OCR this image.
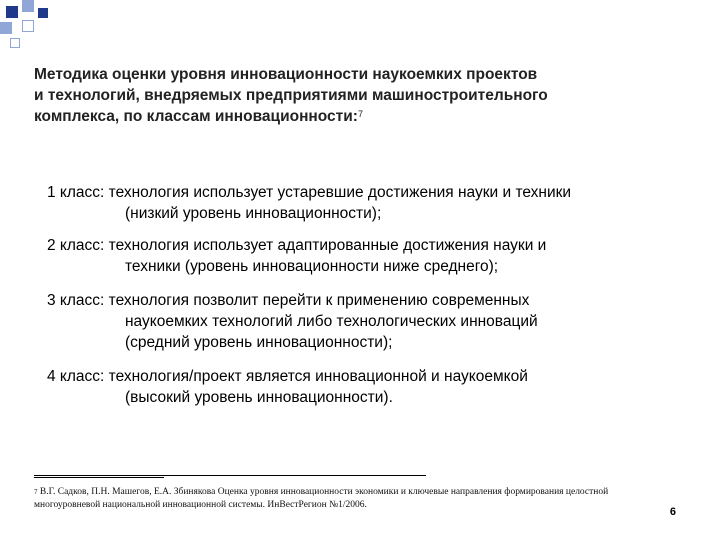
Методика оценки уровня инновационности наукоемких проектов
и технологий, внедряемых предприятиями машиностроительного
комплекса, по классам инновационности:$^7$
1 класс: технология использует устаревшие достижения науки и техники
(низкий уровень инновационности);
2 класс: технология использует адаптированные достижения науки и
техники (уровень инновационности ниже среднего);
3 класс: технология позволит перейти к применению современных
наукоемких технологий либо технологических инноваций
(средний уровень инновационности);
4 класс: технология/проект является инновационной и наукоемкой
(высокий уровень инновационности).
$^7$ В.Г. Садков, П.Н. Машегов, Е.А. Збинякова Оценка уровня инновационности экономики и ключевые направления формирования целостной многоуровневой национальной инновационной системы. ИнВестРегион №1/2006.
6
